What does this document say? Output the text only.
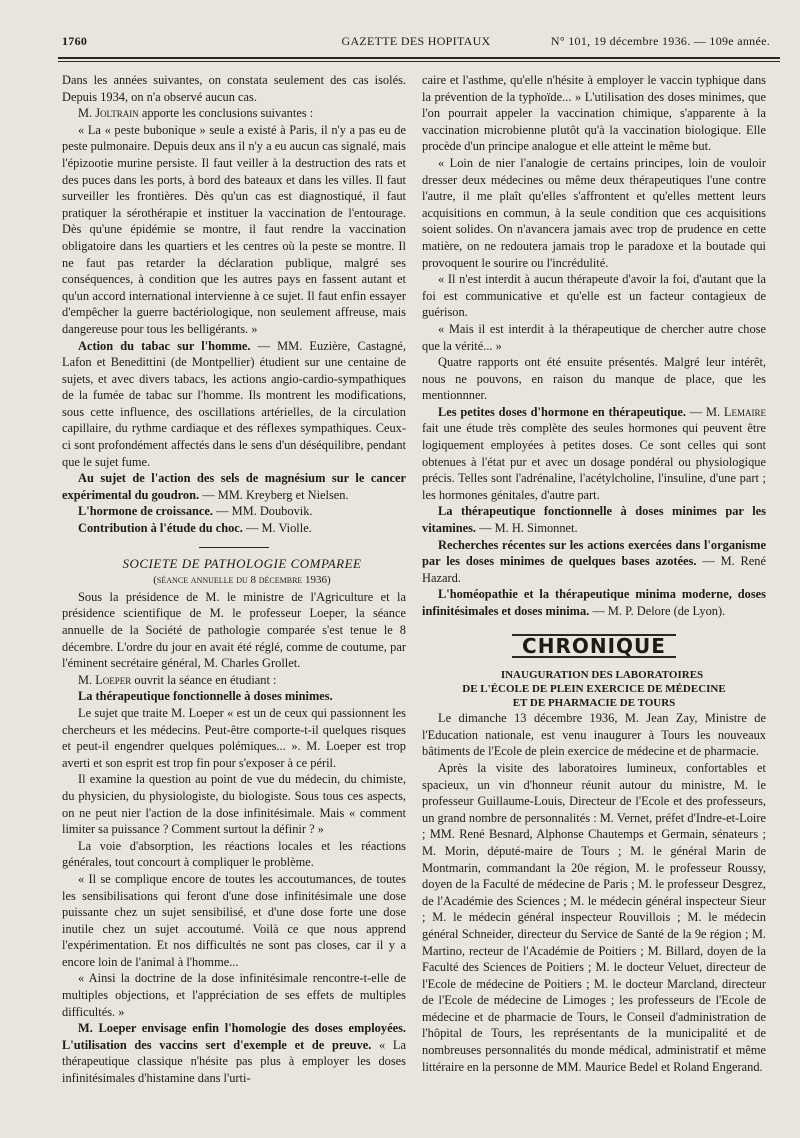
1760	GAZETTE DES HOPITAUX	N° 101, 19 décembre 1936. — 109e année.

Dans les années suivantes, on constata seulement des cas isolés. Depuis 1934, on n'a observé aucun cas.

M. Joltrain apporte les conclusions suivantes :

« La « peste bubonique » seule a existé à Paris, il n'y a pas eu de peste pulmonaire. Depuis deux ans il n'y a eu aucun cas signalé, mais l'épizootie murine persiste. Il faut veiller à la destruction des rats et des puces dans les ports, à bord des bateaux et dans les villes. Il faut surveiller les frontières. Dès qu'un cas est diagnostiqué, il faut pratiquer la sérothérapie et instituer la vaccination de l'entourage. Dès qu'une épidémie se montre, il faut rendre la vaccination obligatoire dans les quartiers et les centres où la peste se montre. Il ne faut pas retarder la déclaration publique, malgré ses conséquences, à condition que les autres pays en fassent autant et qu'un accord international intervienne à ce sujet. Il faut enfin essayer d'empêcher la guerre bactériologique, non seulement affreuse, mais dangereuse pour tous les belligérants. »

Action du tabac sur l'homme. — MM. Euzière, Castagné, Lafon et Benedittini (de Montpellier) étudient sur une centaine de sujets, et avec divers tabacs, les actions angio-cardio-sympathiques de la fumée de tabac sur l'homme. Ils montrent les modifications, sous cette influence, des oscillations artérielles, de la circulation capillaire, du rythme cardiaque et des réflexes sympathiques. Ceux-ci sont profondément affectés dans le sens d'un déséquilibre, pendant que le sujet fume.

Au sujet de l'action des sels de magnésium sur le cancer expérimental du goudron. — MM. Kreyberg et Nielsen.

L'hormone de croissance. — MM. Doubovik.

Contribution à l'étude du choc. — M. Violle.

SOCIETE DE PATHOLOGIE COMPAREE

(séance annuelle du 8 décembre 1936)

Sous la présidence de M. le ministre de l'Agriculture et la présidence scientifique de M. le professeur Loeper, la séance annuelle de la Société de pathologie comparée s'est tenue le 8 décembre. L'ordre du jour en avait été réglé, comme de coutume, par l'éminent secrétaire général, M. Charles Grollet.

M. Loeper ouvrit la séance en étudiant :

La thérapeutique fonctionnelle à doses minimes.

Le sujet que traite M. Loeper « est un de ceux qui passionnent les chercheurs et les médecins. Peut-être comporte-t-il quelques risques et peut-il engendrer quelques polémiques... ». M. Loeper est trop averti et son esprit est trop fin pour s'exposer à ce péril.

Il examine la question au point de vue du médecin, du chimiste, du physicien, du physiologiste, du biologiste. Sous tous ces aspects, on ne peut nier l'action de la dose infinitésimale. Mais « comment limiter sa puissance ? Comment surtout la définir ? »

La voie d'absorption, les réactions locales et les réactions générales, tout concourt à compliquer le problème.

« Il se complique encore de toutes les accoutumances, de toutes les sensibilisations qui feront d'une dose infinitésimale une dose puissante chez un sujet sensibilisé, et d'une dose forte une dose inutile chez un sujet accoutumé. Voilà ce que nous apprend l'expérimentation. Et nos difficultés ne sont pas closes, car il y a encore loin de l'animal à l'homme...

« Ainsi la doctrine de la dose infinitésimale rencontre-t-elle de multiples objections, et l'appréciation de ses effets de multiples difficultés. »

M. Loeper envisage enfin l'homologie des doses employées. L'utilisation des vaccins sert d'exemple et de preuve. « La thérapeutique classique n'hésite pas plus à employer les doses infinitésimales d'histamine dans l'urti-

caire et l'asthme, qu'elle n'hésite à employer le vaccin typhique dans la prévention de la typhoïde... » L'utilisation des doses minimes, que l'on pourrait appeler la vaccination chimique, s'apparente à la vaccination microbienne plutôt qu'à la vaccination biologique. Elle procède d'un principe analogue et elle atteint le même but.

« Loin de nier l'analogie de certains principes, loin de vouloir dresser deux médecines ou même deux thérapeutiques l'une contre l'autre, il me plaît qu'elles s'affrontent et qu'elles mettent leurs acquisitions en commun, à la seule condition que ces acquisitions soient solides. On n'avancera jamais avec trop de prudence en cette matière, on ne redoutera jamais trop le paradoxe et la boutade qui provoquent le sourire ou l'incrédulité.

« Il n'est interdit à aucun thérapeute d'avoir la foi, d'autant que la foi est communicative et qu'elle est un facteur contagieux de guérison.

« Mais il est interdit à la thérapeutique de chercher autre chose que la vérité... »

Quatre rapports ont été ensuite présentés. Malgré leur intérêt, nous ne pouvons, en raison du manque de place, que les mentionnner.

Les petites doses d'hormone en thérapeutique. — M. Lemaire fait une étude très complète des seules hormones qui peuvent être logiquement employées à petites doses. Ce sont celles qui sont obtenues à l'état pur et avec un dosage pondéral ou physiologique précis. Telles sont l'adrénaline, l'acétylcholine, l'insuline, d'une part ; les hormones génitales, d'autre part.

La thérapeutique fonctionnelle à doses minimes par les vitamines. — M. H. Simonnet.

Recherches récentes sur les actions exercées dans l'organisme par les doses minimes de quelques bases azotées. — M. René Hazard.

L'homéopathie et la thérapeutique minima moderne, doses infinitésimales et doses minima. — M. P. Delore (de Lyon).

CHRONIQUE

INAUGURATION DES LABORATOIRES
DE L'ÉCOLE DE PLEIN EXERCICE DE MÉDECINE
ET DE PHARMACIE DE TOURS

Le dimanche 13 décembre 1936, M. Jean Zay, Ministre de l'Education nationale, est venu inaugurer à Tours les nouveaux bâtiments de l'Ecole de plein exercice de médecine et de pharmacie.

Après la visite des laboratoires lumineux, confortables et spacieux, un vin d'honneur réunit autour du ministre, M. le professeur Guillaume-Louis, Directeur de l'Ecole et des professeurs, un grand nombre de personnalités : M. Vernet, préfet d'Indre-et-Loire ; MM. René Besnard, Alphonse Chautemps et Germain, sénateurs ; M. Morin, député-maire de Tours ; M. le général Marin de Montmarin, commandant la 20e région, M. le professeur Roussy, doyen de la Faculté de médecine de Paris ; M. le professeur Desgrez, de l'Académie des Sciences ; M. le médecin général inspecteur Sieur ; M. le médecin général inspecteur Rouvillois ; M. le médecin général Schneider, directeur du Service de Santé de la 9e région ; M. Martino, recteur de l'Académie de Poitiers ; M. Billard, doyen de la Faculté des Sciences de Poitiers ; M. le docteur Veluet, directeur de l'Ecole de médecine de Poitiers ; M. le docteur Marcland, directeur de l'Ecole de médecine de Limoges ; les professeurs de l'Ecole de médecine et de pharmacie de Tours, le Conseil d'administration de l'hôpital de Tours, les représentants de la municipalité et de nombreuses personnalités du monde médical, administratif et même littéraire en la personne de MM. Maurice Bedel et Roland Engerand.
